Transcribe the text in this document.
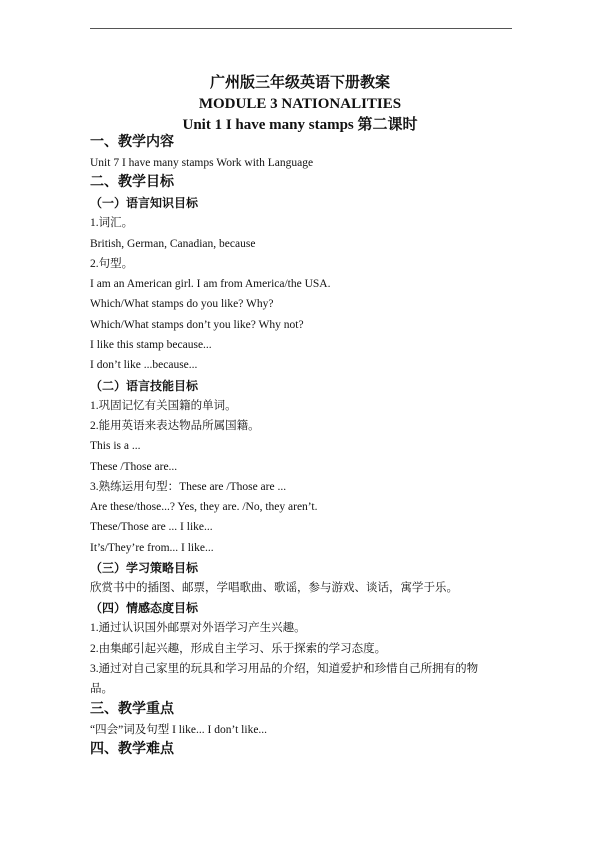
广州版三年级英语下册教案
MODULE 3 NATIONALITIES
Unit 1 I have many stamps 第二课时
一、教学内容
Unit 7 I have many stamps Work with Language
二、教学目标
（一）语言知识目标
1.词汇。
British, German, Canadian, because
2.句型。
I am an American girl. I am from America/the USA.
Which/What stamps do you like? Why?
Which/What stamps don’t you like? Why not?
I like this stamp because...
I don’t like ...because...
（二）语言技能目标
1.巩固记忆有关国籍的单词。
2.能用英语来表达物品所属国籍。
This is a ...
These /Those are...
3.熟练运用句型：These are /Those are ...
Are these/those...? Yes, they are. /No, they aren’t.
These/Those are ... I like...
It’s/They’re from... I like...
（三）学习策略目标
欣赏书中的插图、邮票，学唱歌曲、歌谣，参与游戏、谈话，寓学于乐。
（四）情感态度目标
1.通过认识国外邮票对外语学习产生兴趣。
2.由集邮引起兴趣，形成自主学习、乐于探索的学习态度。
3.通过对自己家里的玩具和学习用品的介绍，知道爱护和珍惜自己所拥有的物
品。
三、教学重点
“四会”词及句型 I like... I don’t like...
四、教学难点
